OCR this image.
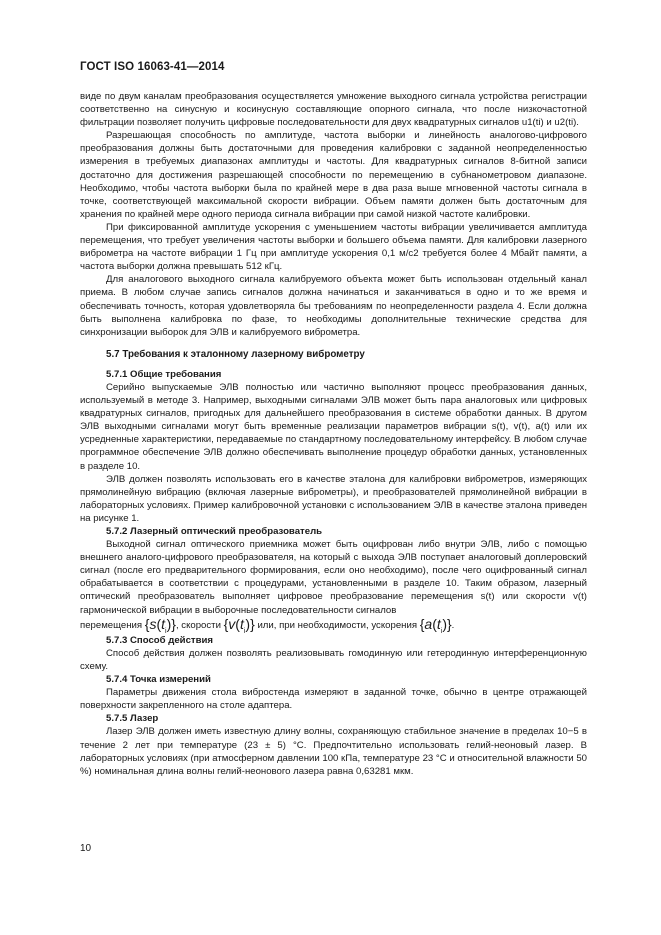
ГОСТ ISO 16063-41—2014

виде по двум каналам преобразования осуществляется умножение выходного сигнала устройства регистрации соответственно на синусную и косинусную составляющие опорного сигнала, что после низкочастотной фильтрации позволяет получить цифровые последовательности для двух квадратурных сигналов u1(ti) и u2(ti).

Разрешающая способность по амплитуде, частота выборки и линейность аналогово-цифрового преобразования должны быть достаточными для проведения калибровки с заданной неопределенностью измерения в требуемых диапазонах амплитуды и частоты. Для квадратурных сигналов 8-битной записи достаточно для достижения разрешающей способности по перемещению в субнанометровом диапазоне. Необходимо, чтобы частота выборки была по крайней мере в два раза выше мгновенной частоты сигнала в точке, соответствующей максимальной скорости вибрации. Объем памяти должен быть достаточным для хранения по крайней мере одного периода сигнала вибрации при самой низкой частоте калибровки.

При фиксированной амплитуде ускорения с уменьшением частоты вибрации увеличивается амплитуда перемещения, что требует увеличения частоты выборки и большего объема памяти. Для калибровки лазерного виброметра на частоте вибрации 1 Гц при амплитуде ускорения 0,1 м/с2 требуется более 4 Мбайт памяти, а частота выборки должна превышать 512 кГц.

Для аналогового выходного сигнала калибруемого объекта может быть использован отдельный канал приема. В любом случае запись сигналов должна начинаться и заканчиваться в одно и то же время и обеспечивать точность, которая удовлетворяла бы требованиям по неопределенности раздела 4. Если должна быть выполнена калибровка по фазе, то необходимы дополнительные технические средства для синхронизации выборок для ЭЛВ и калибруемого виброметра.

5.7 Требования к эталонному лазерному виброметру

5.7.1 Общие требования

Серийно выпускаемые ЭЛВ полностью или частично выполняют процесс преобразования данных, используемый в методе 3. Например, выходными сигналами ЭЛВ может быть пара аналоговых или цифровых квадратурных сигналов, пригодных для дальнейшего преобразования в системе обработки данных. В другом ЭЛВ выходными сигналами могут быть временные реализации параметров вибрации s(t), v(t), a(t) или их усредненные характеристики, передаваемые по стандартному последовательному интерфейсу. В любом случае программное обеспечение ЭЛВ должно обеспечивать выполнение процедур обработки данных, установленных в разделе 10.

ЭЛВ должен позволять использовать его в качестве эталона для калибровки виброметров, измеряющих прямолинейную вибрацию (включая лазерные виброметры), и преобразователей прямолинейной вибрации в лабораторных условиях. Пример калибровочной установки с использованием ЭЛВ в качестве эталона приведен на рисунке 1.

5.7.2 Лазерный оптический преобразователь

Выходной сигнал оптического приемника может быть оцифрован либо внутри ЭЛВ, либо с помощью внешнего аналого-цифрового преобразователя, на который с выхода ЭЛВ поступает аналоговый доплеровский сигнал (после его предварительного формирования, если оно необходимо), после чего оцифрованный сигнал обрабатывается в соответствии с процедурами, установленными в разделе 10. Таким образом, лазерный оптический преобразователь выполняет цифровое преобразование перемещения s(t) или скорости v(t) гармонической вибрации в выборочные последовательности сигналов

перемещения $\{s(t_i)\}$, скорости $\{v(t_i)\}$ или, при необходимости, ускорения $\{a(t_i)\}$.

5.7.3 Способ действия

Способ действия должен позволять реализовывать гомодинную или гетеродинную интерференционную схему.

5.7.4 Точка измерений

Параметры движения стола вибростенда измеряют в заданной точке, обычно в центре отражающей поверхности закрепленного на столе адаптера.

5.7.5 Лазер

Лазер ЭЛВ должен иметь известную длину волны, сохраняющую стабильное значение в пределах 10−5 в течение 2 лет при температуре (23 ± 5) °С. Предпочтительно использовать гелий-неоновый лазер. В лабораторных условиях (при атмосферном давлении 100 кПа, температуре 23 °С и относительной влажности 50 %) номинальная длина волны гелий-неонового лазера равна 0,63281 мкм.

10
